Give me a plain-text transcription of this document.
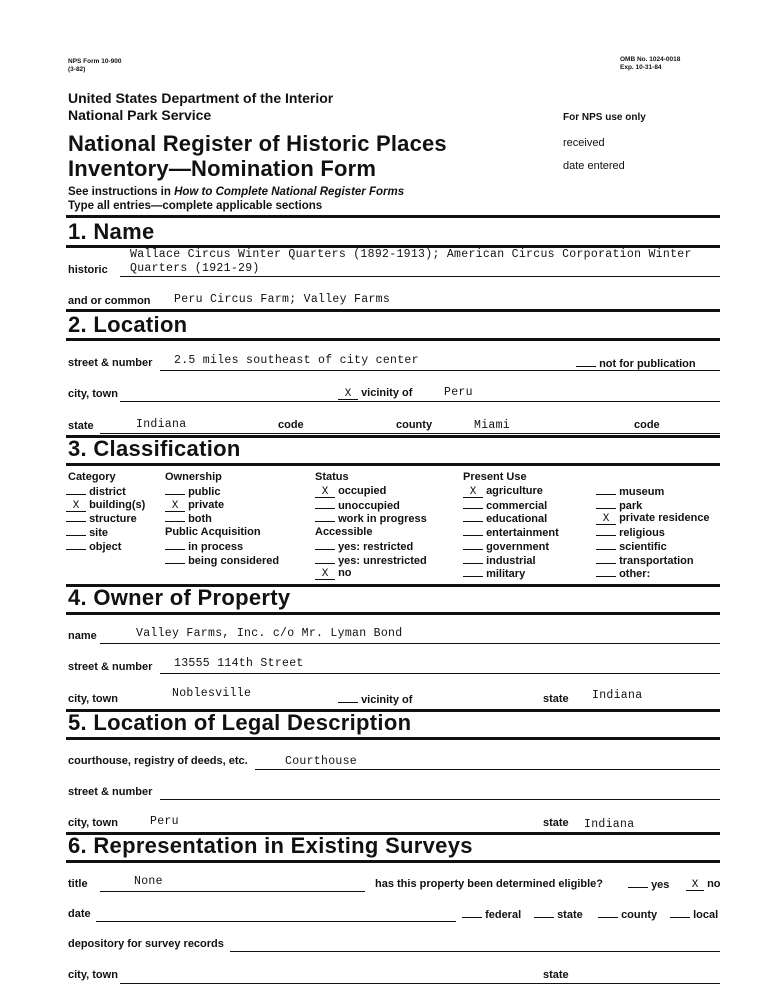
NPS Form 10-900
(3-82)
OMB No. 1024-0018
Exp. 10-31-84
United States Department of the Interior
National Park Service
National Register of Historic Places
Inventory—Nomination Form
For NPS use only
received
date entered
See instructions in How to Complete National Register Forms
Type all entries—complete applicable sections
1. Name
Wallace Circus Winter Quarters (1892-1913); American Circus Corporation Winter
historic Quarters (1921-29)
and or common Peru Circus Farm; Valley Farms
2. Location
street & number 2.5 miles southeast of city center	not for publication
city, town	X vicinity of	Peru
state	Indiana	code	county	Miami	code
3. Classification
Category
district
X building(s)
structure
site
object
Ownership
public
X private
both
Public Acquisition
in process
being considered
Status
X occupied
unoccupied
work in progress
Accessible
yes: restricted
yes: unrestricted
X no
Present Use
X agriculture
commercial
educational
entertainment
government
industrial
military
museum
park
X private residence
religious
scientific
transportation
other:
4. Owner of Property
name	Valley Farms, Inc. c/o Mr. Lyman Bond
street & number 13555 114th Street
city, town	Noblesville	vicinity of	state Indiana
5. Location of Legal Description
courthouse, registry of deeds, etc.	Courthouse
street & number
city, town	Peru	state Indiana
6. Representation in Existing Surveys
title	None	has this property been determined eligible?	yes	X no
date	federal	state	county	local
depository for survey records
city, town	state
